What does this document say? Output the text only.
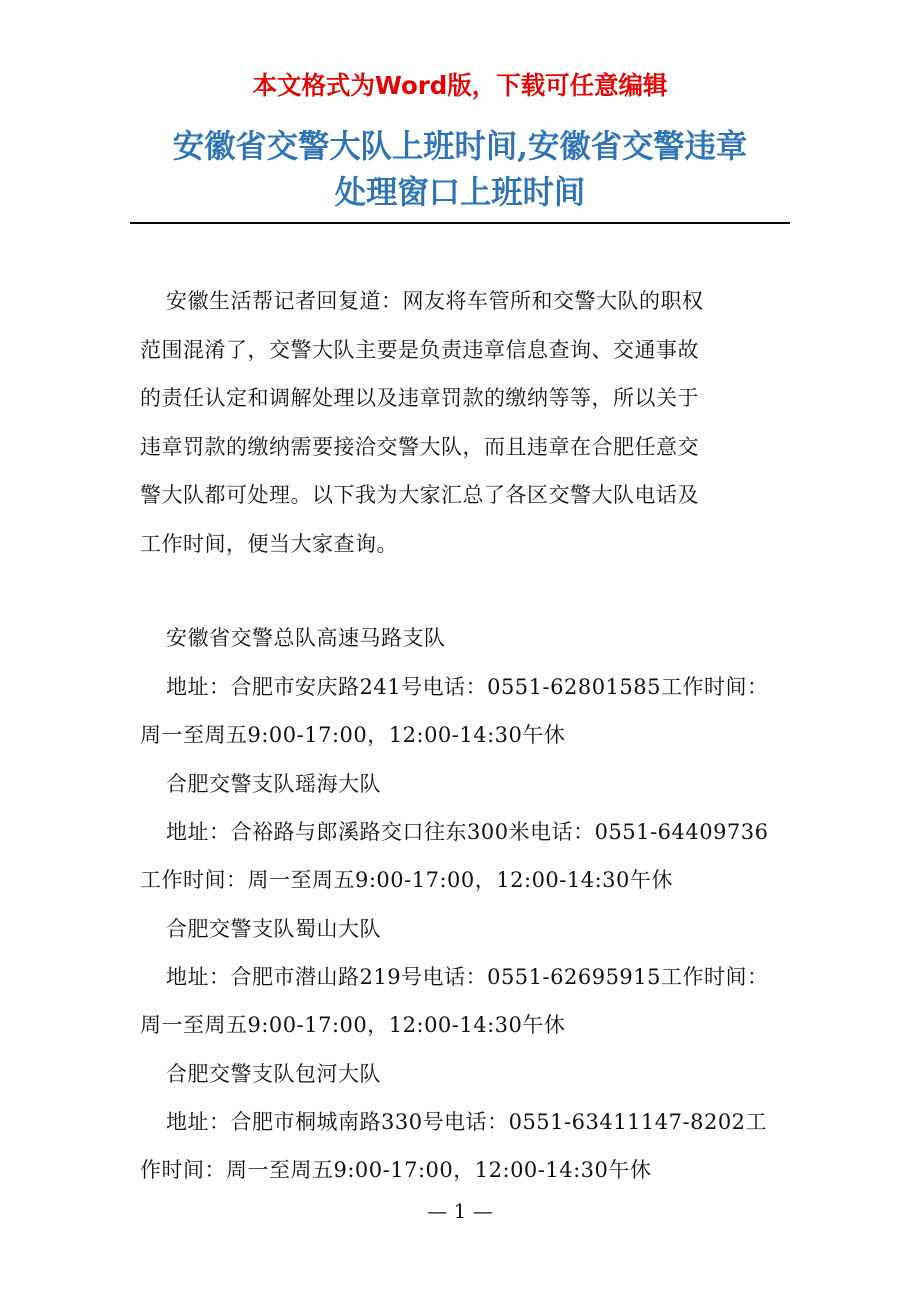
本文格式为Word版，下载可任意编辑
安徽省交警大队上班时间,安徽省交警违章
处理窗口上班时间
安徽生活帮记者回复道：网友将车管所和交警大队的职权
范围混淆了，交警大队主要是负责违章信息查询、交通事故
的责任认定和调解处理以及违章罚款的缴纳等等，所以关于
违章罚款的缴纳需要接洽交警大队，而且违章在合肥任意交
警大队都可处理。以下我为大家汇总了各区交警大队电话及
工作时间，便当大家查询。
安徽省交警总队高速马路支队
地址：合肥市安庆路241号电话：0551-62801585工作时间：
周一至周五9:00-17:00，12:00-14:30午休
合肥交警支队瑶海大队
地址：合裕路与郎溪路交口往东300米电话：0551-64409736
工作时间：周一至周五9:00-17:00，12:00-14:30午休
合肥交警支队蜀山大队
地址：合肥市潜山路219号电话：0551-62695915工作时间：
周一至周五9:00-17:00，12:00-14:30午休
合肥交警支队包河大队
地址：合肥市桐城南路330号电话：0551-63411147-8202工
作时间：周一至周五9:00-17:00，12:00-14:30午休
— 1 —
